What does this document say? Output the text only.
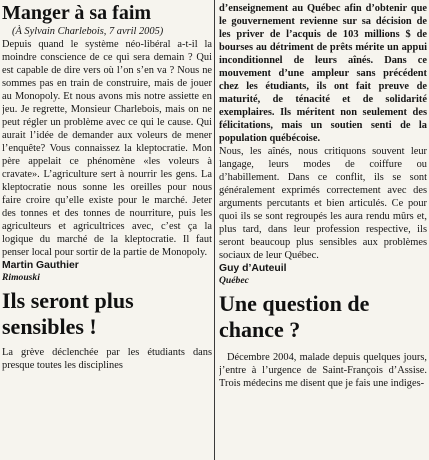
Manger à sa faim

(À Sylvain Charlebois, 7 avril 2005)

Depuis quand le système néo-libéral a-t-il la moindre conscience de ce qui sera demain ? Qui est capable de dire vers où l’on s’en va ? Nous ne sommes pas en train de construire, mais de jouer au Monopoly. Et nous avons mis notre assiette en jeu. Je regrette, Monsieur Charlebois, mais on ne peut régler un problème avec ce qui le cause. Qui aurait l’idée de demander aux voleurs de mener l’enquête? Vous connaissez la kleptocratie. Mon père appelait ce phénomène «les voleurs à cravate». L’agriculture sert à nourrir les gens. La kleptocratie nous sonne les oreilles pour nous faire croire qu’elle existe pour le marché. Jeter des tonnes et des tonnes de nourriture, puis les agriculteurs et agricultrices avec, c’est ça la logique du marché de la kleptocratie. Il faut penser local pour sortir de la partie de Monopoly.

Martin Gauthier

Rimouski

Ils seront plus sensibles !

La grève déclenchée par les étudiants dans presque toutes les disciplines

d’enseignement au Québec afin d’obtenir que le gouvernement revienne sur sa décision de les priver de l’acquis de 103 millions $ de bourses au détriment de prêts mérite un appui inconditionnel de leurs aînés. Dans ce mouvement d’une ampleur sans précédent chez les étudiants, ils ont fait preuve de maturité, de ténacité et de solidarité exemplaires. Ils méritent non seulement des félicitations, mais un soutien senti de la population québécoise.

Nous, les aînés, nous critiquons souvent leur langage, leurs modes de coiffure ou d’habillement. Dans ce conflit, ils se sont généralement exprimés correctement avec des arguments percutants et bien articulés. Ce pour quoi ils se sont regroupés les aura rendu mûrs et, plus tard, dans leur profession respective, ils seront beaucoup plus sensibles aux problèmes sociaux de leur Québec.

Guy d’Auteuil

Québec

Une question de chance ?

Décembre 2004, malade depuis quelques jours, j’entre à l’urgence de Saint-François d’Assise. Trois médecins me disent que je fais une indiges-
